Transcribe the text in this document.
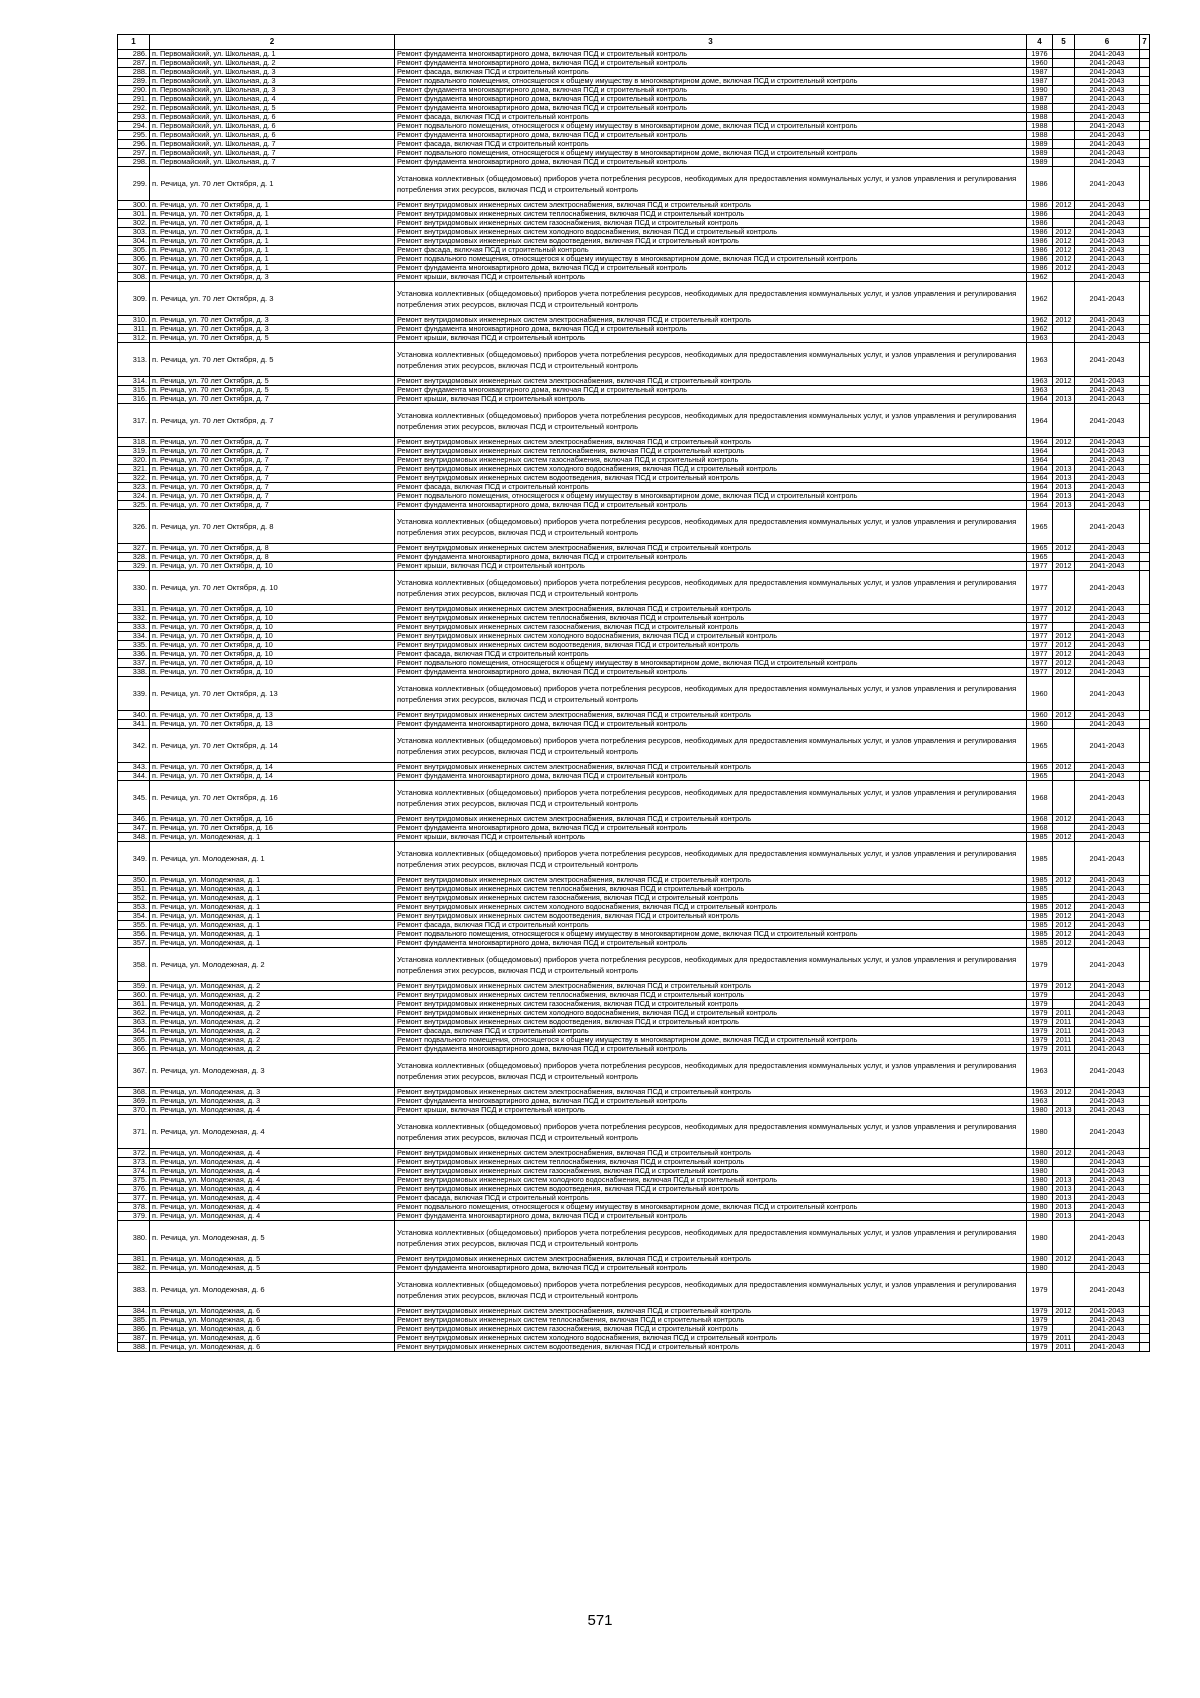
1	2	3	4	5	6	7
286.	п. Первомайский, ул. Школьная, д. 1	Ремонт фундамента многоквартирного дома, включая ПСД и строительный контроль	1976		2041-2043	
287.	п. Первомайский, ул. Школьная, д. 2	Ремонт фундамента многоквартирного дома, включая ПСД и строительный контроль	1960		2041-2043	
288.	п. Первомайский, ул. Школьная, д. 3	Ремонт фасада, включая ПСД и строительный контроль	1987		2041-2043	
289.	п. Первомайский, ул. Школьная, д. 3	Ремонт подвального помещения, относящегося к общему имуществу в многоквартирном доме, включая ПСД и строительный контроль	1987		2041-2043	
290.	п. Первомайский, ул. Школьная, д. 3	Ремонт фундамента многоквартирного дома, включая ПСД и строительный контроль	1990		2041-2043	
291.	п. Первомайский, ул. Школьная, д. 4	Ремонт фундамента многоквартирного дома, включая ПСД и строительный контроль	1987		2041-2043	
292.	п. Первомайский, ул. Школьная, д. 5	Ремонт фундамента многоквартирного дома, включая ПСД и строительный контроль	1988		2041-2043	
293.	п. Первомайский, ул. Школьная, д. 6	Ремонт фасада, включая ПСД и строительный контроль	1988		2041-2043	
294.	п. Первомайский, ул. Школьная, д. 6	Ремонт подвального помещения, относящегося к общему имуществу в многоквартирном доме, включая ПСД и строительный контроль	1988		2041-2043	
295.	п. Первомайский, ул. Школьная, д. 6	Ремонт фундамента многоквартирного дома, включая ПСД и строительный контроль	1988		2041-2043	
296.	п. Первомайский, ул. Школьная, д. 7	Ремонт фасада, включая ПСД и строительный контроль	1989		2041-2043	
297.	п. Первомайский, ул. Школьная, д. 7	Ремонт подвального помещения, относящегося к общему имуществу в многоквартирном доме, включая ПСД и строительный контроль	1989		2041-2043	
298.	п. Первомайский, ул. Школьная, д. 7	Ремонт фундамента многоквартирного дома, включая ПСД и строительный контроль	1989		2041-2043	
299.	п. Речица, ул. 70 лет Октября, д. 1	Установка коллективных (общедомовых) приборов учета потребления ресурсов, необходимых для предоставления коммунальных услуг, и узлов управления и регулирования потребления этих ресурсов, включая ПСД и строительный контроль	1986		2041-2043	
300.	п. Речица, ул. 70 лет Октября, д. 1	Ремонт внутридомовых инженерных систем электроснабжения, включая ПСД и строительный контроль	1986	2012	2041-2043	
301.	п. Речица, ул. 70 лет Октября, д. 1	Ремонт внутридомовых инженерных систем теплоснабжения, включая ПСД и строительный контроль	1986		2041-2043	
302.	п. Речица, ул. 70 лет Октября, д. 1	Ремонт внутридомовых инженерных систем газоснабжения, включая ПСД и строительный контроль	1986		2041-2043	
303.	п. Речица, ул. 70 лет Октября, д. 1	Ремонт внутридомовых инженерных систем холодного водоснабжения, включая ПСД и строительный контроль	1986	2012	2041-2043	
304.	п. Речица, ул. 70 лет Октября, д. 1	Ремонт внутридомовых инженерных систем водоотведения, включая ПСД и строительный контроль	1986	2012	2041-2043	
305.	п. Речица, ул. 70 лет Октября, д. 1	Ремонт фасада, включая ПСД и строительный контроль	1986	2012	2041-2043	
306.	п. Речица, ул. 70 лет Октября, д. 1	Ремонт подвального помещения, относящегося к общему имуществу в многоквартирном доме, включая ПСД и строительный контроль	1986	2012	2041-2043	
307.	п. Речица, ул. 70 лет Октября, д. 1	Ремонт фундамента многоквартирного дома, включая ПСД и строительный контроль	1986	2012	2041-2043	
308.	п. Речица, ул. 70 лет Октября, д. 3	Ремонт крыши, включая ПСД и строительный контроль	1962		2041-2043	
309.	п. Речица, ул. 70 лет Октября, д. 3	Установка коллективных (общедомовых) приборов учета потребления ресурсов, необходимых для предоставления коммунальных услуг, и узлов управления и регулирования потребления этих ресурсов, включая ПСД и строительный контроль	1962		2041-2043	
310.	п. Речица, ул. 70 лет Октября, д. 3	Ремонт внутридомовых инженерных систем электроснабжения, включая ПСД и строительный контроль	1962	2012	2041-2043	
311.	п. Речица, ул. 70 лет Октября, д. 3	Ремонт фундамента многоквартирного дома, включая ПСД и строительный контроль	1962		2041-2043	
312.	п. Речица, ул. 70 лет Октября, д. 5	Ремонт крыши, включая ПСД и строительный контроль	1963		2041-2043	
313.	п. Речица, ул. 70 лет Октября, д. 5	Установка коллективных (общедомовых) приборов учета потребления ресурсов, необходимых для предоставления коммунальных услуг, и узлов управления и регулирования потребления этих ресурсов, включая ПСД и строительный контроль	1963		2041-2043	
314.	п. Речица, ул. 70 лет Октября, д. 5	Ремонт внутридомовых инженерных систем электроснабжения, включая ПСД и строительный контроль	1963	2012	2041-2043	
315.	п. Речица, ул. 70 лет Октября, д. 5	Ремонт фундамента многоквартирного дома, включая ПСД и строительный контроль	1963		2041-2043	
316.	п. Речица, ул. 70 лет Октября, д. 7	Ремонт крыши, включая ПСД и строительный контроль	1964	2013	2041-2043	
317.	п. Речица, ул. 70 лет Октября, д. 7	Установка коллективных (общедомовых) приборов учета потребления ресурсов, необходимых для предоставления коммунальных услуг, и узлов управления и регулирования потребления этих ресурсов, включая ПСД и строительный контроль	1964		2041-2043	
318.	п. Речица, ул. 70 лет Октября, д. 7	Ремонт внутридомовых инженерных систем электроснабжения, включая ПСД и строительный контроль	1964	2012	2041-2043	
319.	п. Речица, ул. 70 лет Октября, д. 7	Ремонт внутридомовых инженерных систем теплоснабжения, включая ПСД и строительный контроль	1964		2041-2043	
320.	п. Речица, ул. 70 лет Октября, д. 7	Ремонт внутридомовых инженерных систем газоснабжения, включая ПСД и строительный контроль	1964		2041-2043	
321.	п. Речица, ул. 70 лет Октября, д. 7	Ремонт внутридомовых инженерных систем холодного водоснабжения, включая ПСД и строительный контроль	1964	2013	2041-2043	
322.	п. Речица, ул. 70 лет Октября, д. 7	Ремонт внутридомовых инженерных систем водоотведения, включая ПСД и строительный контроль	1964	2013	2041-2043	
323.	п. Речица, ул. 70 лет Октября, д. 7	Ремонт фасада, включая ПСД и строительный контроль	1964	2013	2041-2043	
324.	п. Речица, ул. 70 лет Октября, д. 7	Ремонт подвального помещения, относящегося к общему имуществу в многоквартирном доме, включая ПСД и строительный контроль	1964	2013	2041-2043	
325.	п. Речица, ул. 70 лет Октября, д. 7	Ремонт фундамента многоквартирного дома, включая ПСД и строительный контроль	1964	2013	2041-2043	
326.	п. Речица, ул. 70 лет Октября, д. 8	Установка коллективных (общедомовых) приборов учета потребления ресурсов, необходимых для предоставления коммунальных услуг, и узлов управления и регулирования потребления этих ресурсов, включая ПСД и строительный контроль	1965		2041-2043	
327.	п. Речица, ул. 70 лет Октября, д. 8	Ремонт внутридомовых инженерных систем электроснабжения, включая ПСД и строительный контроль	1965	2012	2041-2043	
328.	п. Речица, ул. 70 лет Октября, д. 8	Ремонт фундамента многоквартирного дома, включая ПСД и строительный контроль	1965		2041-2043	
329.	п. Речица, ул. 70 лет Октября, д. 10	Ремонт крыши, включая ПСД и строительный контроль	1977	2012	2041-2043	
330.	п. Речица, ул. 70 лет Октября, д. 10	Установка коллективных (общедомовых) приборов учета потребления ресурсов, необходимых для предоставления коммунальных услуг, и узлов управления и регулирования потребления этих ресурсов, включая ПСД и строительный контроль	1977		2041-2043	
331.	п. Речица, ул. 70 лет Октября, д. 10	Ремонт внутридомовых инженерных систем электроснабжения, включая ПСД и строительный контроль	1977	2012	2041-2043	
332.	п. Речица, ул. 70 лет Октября, д. 10	Ремонт внутридомовых инженерных систем теплоснабжения, включая ПСД и строительный контроль	1977		2041-2043	
333.	п. Речица, ул. 70 лет Октября, д. 10	Ремонт внутридомовых инженерных систем газоснабжения, включая ПСД и строительный контроль	1977		2041-2043	
334.	п. Речица, ул. 70 лет Октября, д. 10	Ремонт внутридомовых инженерных систем холодного водоснабжения, включая ПСД и строительный контроль	1977	2012	2041-2043	
335.	п. Речица, ул. 70 лет Октября, д. 10	Ремонт внутридомовых инженерных систем водоотведения, включая ПСД и строительный контроль	1977	2012	2041-2043	
336.	п. Речица, ул. 70 лет Октября, д. 10	Ремонт фасада, включая ПСД и строительный контроль	1977	2012	2041-2043	
337.	п. Речица, ул. 70 лет Октября, д. 10	Ремонт подвального помещения, относящегося к общему имуществу в многоквартирном доме, включая ПСД и строительный контроль	1977	2012	2041-2043	
338.	п. Речица, ул. 70 лет Октября, д. 10	Ремонт фундамента многоквартирного дома, включая ПСД и строительный контроль	1977	2012	2041-2043	
339.	п. Речица, ул. 70 лет Октября, д. 13	Установка коллективных (общедомовых) приборов учета потребления ресурсов, необходимых для предоставления коммунальных услуг, и узлов управления и регулирования потребления этих ресурсов, включая ПСД и строительный контроль	1960		2041-2043	
340.	п. Речица, ул. 70 лет Октября, д. 13	Ремонт внутридомовых инженерных систем электроснабжения, включая ПСД и строительный контроль	1960	2012	2041-2043	
341.	п. Речица, ул. 70 лет Октября, д. 13	Ремонт фундамента многоквартирного дома, включая ПСД и строительный контроль	1960		2041-2043	
342.	п. Речица, ул. 70 лет Октября, д. 14	Установка коллективных (общедомовых) приборов учета потребления ресурсов, необходимых для предоставления коммунальных услуг, и узлов управления и регулирования потребления этих ресурсов, включая ПСД и строительный контроль	1965		2041-2043	
343.	п. Речица, ул. 70 лет Октября, д. 14	Ремонт внутридомовых инженерных систем электроснабжения, включая ПСД и строительный контроль	1965	2012	2041-2043	
344.	п. Речица, ул. 70 лет Октября, д. 14	Ремонт фундамента многоквартирного дома, включая ПСД и строительный контроль	1965		2041-2043	
345.	п. Речица, ул. 70 лет Октября, д. 16	Установка коллективных (общедомовых) приборов учета потребления ресурсов, необходимых для предоставления коммунальных услуг, и узлов управления и регулирования потребления этих ресурсов, включая ПСД и строительный контроль	1968		2041-2043	
346.	п. Речица, ул. 70 лет Октября, д. 16	Ремонт внутридомовых инженерных систем электроснабжения, включая ПСД и строительный контроль	1968	2012	2041-2043	
347.	п. Речица, ул. 70 лет Октября, д. 16	Ремонт фундамента многоквартирного дома, включая ПСД и строительный контроль	1968		2041-2043	
348.	п. Речица, ул. Молодежная, д. 1	Ремонт крыши, включая ПСД и строительный контроль	1985	2012	2041-2043	
349.	п. Речица, ул. Молодежная, д. 1	Установка коллективных (общедомовых) приборов учета потребления ресурсов, необходимых для предоставления коммунальных услуг, и узлов управления и регулирования потребления этих ресурсов, включая ПСД и строительный контроль	1985		2041-2043	
350.	п. Речица, ул. Молодежная, д. 1	Ремонт внутридомовых инженерных систем электроснабжения, включая ПСД и строительный контроль	1985	2012	2041-2043	
351.	п. Речица, ул. Молодежная, д. 1	Ремонт внутридомовых инженерных систем теплоснабжения, включая ПСД и строительный контроль	1985		2041-2043	
352.	п. Речица, ул. Молодежная, д. 1	Ремонт внутридомовых инженерных систем газоснабжения, включая ПСД и строительный контроль	1985		2041-2043	
353.	п. Речица, ул. Молодежная, д. 1	Ремонт внутридомовых инженерных систем холодного водоснабжения, включая ПСД и строительный контроль	1985	2012	2041-2043	
354.	п. Речица, ул. Молодежная, д. 1	Ремонт внутридомовых инженерных систем водоотведения, включая ПСД и строительный контроль	1985	2012	2041-2043	
355.	п. Речица, ул. Молодежная, д. 1	Ремонт фасада, включая ПСД и строительный контроль	1985	2012	2041-2043	
356.	п. Речица, ул. Молодежная, д. 1	Ремонт подвального помещения, относящегося к общему имуществу в многоквартирном доме, включая ПСД и строительный контроль	1985	2012	2041-2043	
357.	п. Речица, ул. Молодежная, д. 1	Ремонт фундамента многоквартирного дома, включая ПСД и строительный контроль	1985	2012	2041-2043	
358.	п. Речица, ул. Молодежная, д. 2	Установка коллективных (общедомовых) приборов учета потребления ресурсов, необходимых для предоставления коммунальных услуг, и узлов управления и регулирования потребления этих ресурсов, включая ПСД и строительный контроль	1979		2041-2043	
359.	п. Речица, ул. Молодежная, д. 2	Ремонт внутридомовых инженерных систем электроснабжения, включая ПСД и строительный контроль	1979	2012	2041-2043	
360.	п. Речица, ул. Молодежная, д. 2	Ремонт внутридомовых инженерных систем теплоснабжения, включая ПСД и строительный контроль	1979		2041-2043	
361.	п. Речица, ул. Молодежная, д. 2	Ремонт внутридомовых инженерных систем газоснабжения, включая ПСД и строительный контроль	1979		2041-2043	
362.	п. Речица, ул. Молодежная, д. 2	Ремонт внутридомовых инженерных систем холодного водоснабжения, включая ПСД и строительный контроль	1979	2011	2041-2043	
363.	п. Речица, ул. Молодежная, д. 2	Ремонт внутридомовых инженерных систем водоотведения, включая ПСД и строительный контроль	1979	2011	2041-2043	
364.	п. Речица, ул. Молодежная, д. 2	Ремонт фасада, включая ПСД и строительный контроль	1979	2011	2041-2043	
365.	п. Речица, ул. Молодежная, д. 2	Ремонт подвального помещения, относящегося к общему имуществу в многоквартирном доме, включая ПСД и строительный контроль	1979	2011	2041-2043	
366.	п. Речица, ул. Молодежная, д. 2	Ремонт фундамента многоквартирного дома, включая ПСД и строительный контроль	1979	2011	2041-2043	
367.	п. Речица, ул. Молодежная, д. 3	Установка коллективных (общедомовых) приборов учета потребления ресурсов, необходимых для предоставления коммунальных услуг, и узлов управления и регулирования потребления этих ресурсов, включая ПСД и строительный контроль	1963		2041-2043	
368.	п. Речица, ул. Молодежная, д. 3	Ремонт внутридомовых инженерных систем электроснабжения, включая ПСД и строительный контроль	1963	2012	2041-2043	
369.	п. Речица, ул. Молодежная, д. 3	Ремонт фундамента многоквартирного дома, включая ПСД и строительный контроль	1963		2041-2043	
370.	п. Речица, ул. Молодежная, д. 4	Ремонт крыши, включая ПСД и строительный контроль	1980	2013	2041-2043	
371.	п. Речица, ул. Молодежная, д. 4	Установка коллективных (общедомовых) приборов учета потребления ресурсов, необходимых для предоставления коммунальных услуг, и узлов управления и регулирования потребления этих ресурсов, включая ПСД и строительный контроль	1980		2041-2043	
372.	п. Речица, ул. Молодежная, д. 4	Ремонт внутридомовых инженерных систем электроснабжения, включая ПСД и строительный контроль	1980	2012	2041-2043	
373.	п. Речица, ул. Молодежная, д. 4	Ремонт внутридомовых инженерных систем теплоснабжения, включая ПСД и строительный контроль	1980		2041-2043	
374.	п. Речица, ул. Молодежная, д. 4	Ремонт внутридомовых инженерных систем газоснабжения, включая ПСД и строительный контроль	1980		2041-2043	
375.	п. Речица, ул. Молодежная, д. 4	Ремонт внутридомовых инженерных систем холодного водоснабжения, включая ПСД и строительный контроль	1980	2013	2041-2043	
376.	п. Речица, ул. Молодежная, д. 4	Ремонт внутридомовых инженерных систем водоотведения, включая ПСД и строительный контроль	1980	2013	2041-2043	
377.	п. Речица, ул. Молодежная, д. 4	Ремонт фасада, включая ПСД и строительный контроль	1980	2013	2041-2043	
378.	п. Речица, ул. Молодежная, д. 4	Ремонт подвального помещения, относящегося к общему имуществу в многоквартирном доме, включая ПСД и строительный контроль	1980	2013	2041-2043	
379.	п. Речица, ул. Молодежная, д. 4	Ремонт фундамента многоквартирного дома, включая ПСД и строительный контроль	1980	2013	2041-2043	
380.	п. Речица, ул. Молодежная, д. 5	Установка коллективных (общедомовых) приборов учета потребления ресурсов, необходимых для предоставления коммунальных услуг, и узлов управления и регулирования потребления этих ресурсов, включая ПСД и строительный контроль	1980		2041-2043	
381.	п. Речица, ул. Молодежная, д. 5	Ремонт внутридомовых инженерных систем электроснабжения, включая ПСД и строительный контроль	1980	2012	2041-2043	
382.	п. Речица, ул. Молодежная, д. 5	Ремонт фундамента многоквартирного дома, включая ПСД и строительный контроль	1980		2041-2043	
383.	п. Речица, ул. Молодежная, д. 6	Установка коллективных (общедомовых) приборов учета потребления ресурсов, необходимых для предоставления коммунальных услуг, и узлов управления и регулирования потребления этих ресурсов, включая ПСД и строительный контроль	1979		2041-2043	
384.	п. Речица, ул. Молодежная, д. 6	Ремонт внутридомовых инженерных систем электроснабжения, включая ПСД и строительный контроль	1979	2012	2041-2043	
385.	п. Речица, ул. Молодежная, д. 6	Ремонт внутридомовых инженерных систем теплоснабжения, включая ПСД и строительный контроль	1979		2041-2043	
386.	п. Речица, ул. Молодежная, д. 6	Ремонт внутридомовых инженерных систем газоснабжения, включая ПСД и строительный контроль	1979		2041-2043	
387.	п. Речица, ул. Молодежная, д. 6	Ремонт внутридомовых инженерных систем холодного водоснабжения, включая ПСД и строительный контроль	1979	2011	2041-2043	
388.	п. Речица, ул. Молодежная, д. 6	Ремонт внутридомовых инженерных систем водоотведения, включая ПСД и строительный контроль	1979	2011	2041-2043	
571
